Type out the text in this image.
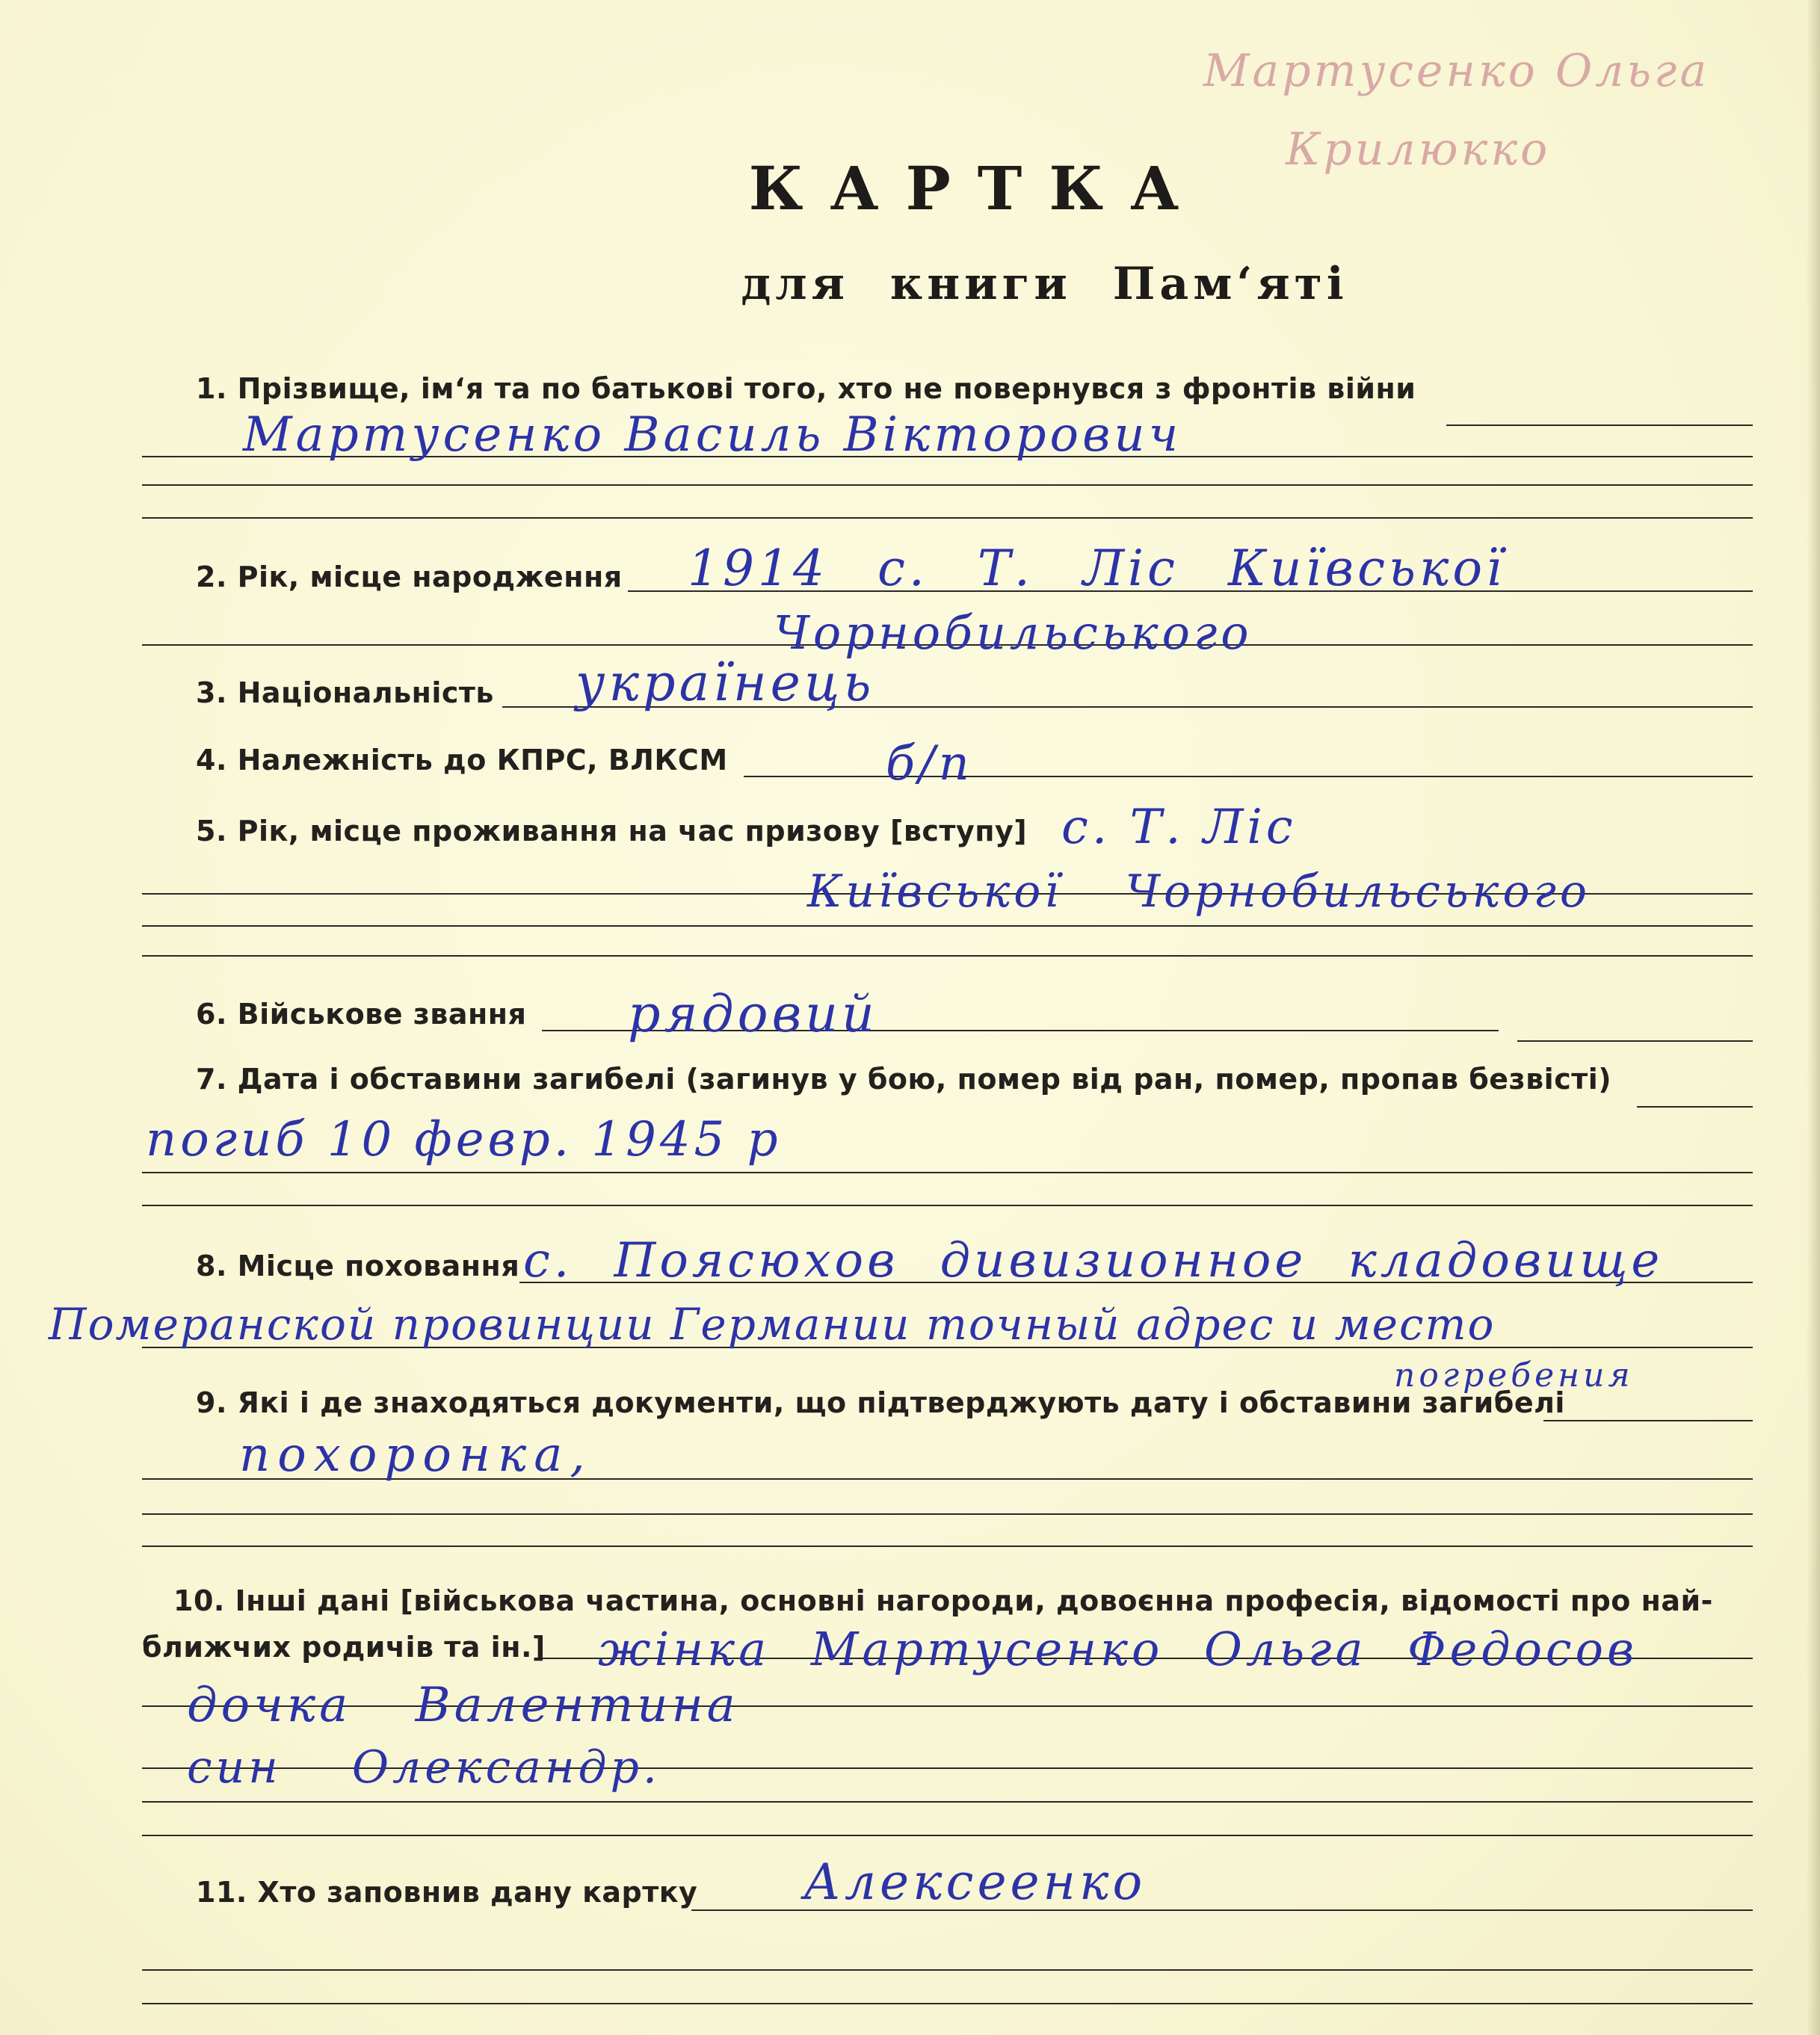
Мартусенко Ольга
Крилюкко
КАРТКА
для книги Пам‘яті
1. Прізвище, ім‘я та по батькові того, хто не повернувся з фронтів війни
Мартусенко Василь Вікторович
2. Рік, місце народження 1914 с. Т. Ліс Київської
Чорнобильського
3. Національність українець
4. Належність до КПРС, ВЛКСМ	б/п
5. Рік, місце проживання на час призову [вступу] с. Т. Ліс
Київської Чорнобильського
6. Військове звання рядовий
7. Дата і обставини загибелі (загинув у бою, помер від ран, помер, пропав безвісті)
погиб 10 февр. 1945 р
8. Місце поховання с. Поясюхов дивизионное кладовище
Померанской провинции Германии точный адрес и место
погребения
9. Які і де знаходяться документи, що підтверджують дату і обставини загибелі
похоронка,
10. Інші дані [військова частина, основні нагороди, довоєнна професія, відомості про най-
ближчих родичів та ін.] жінка Мартусенко Ольга Федосов
дочка Валентина
син Олександр.
11. Хто заповнив дану картку Алексеенко
